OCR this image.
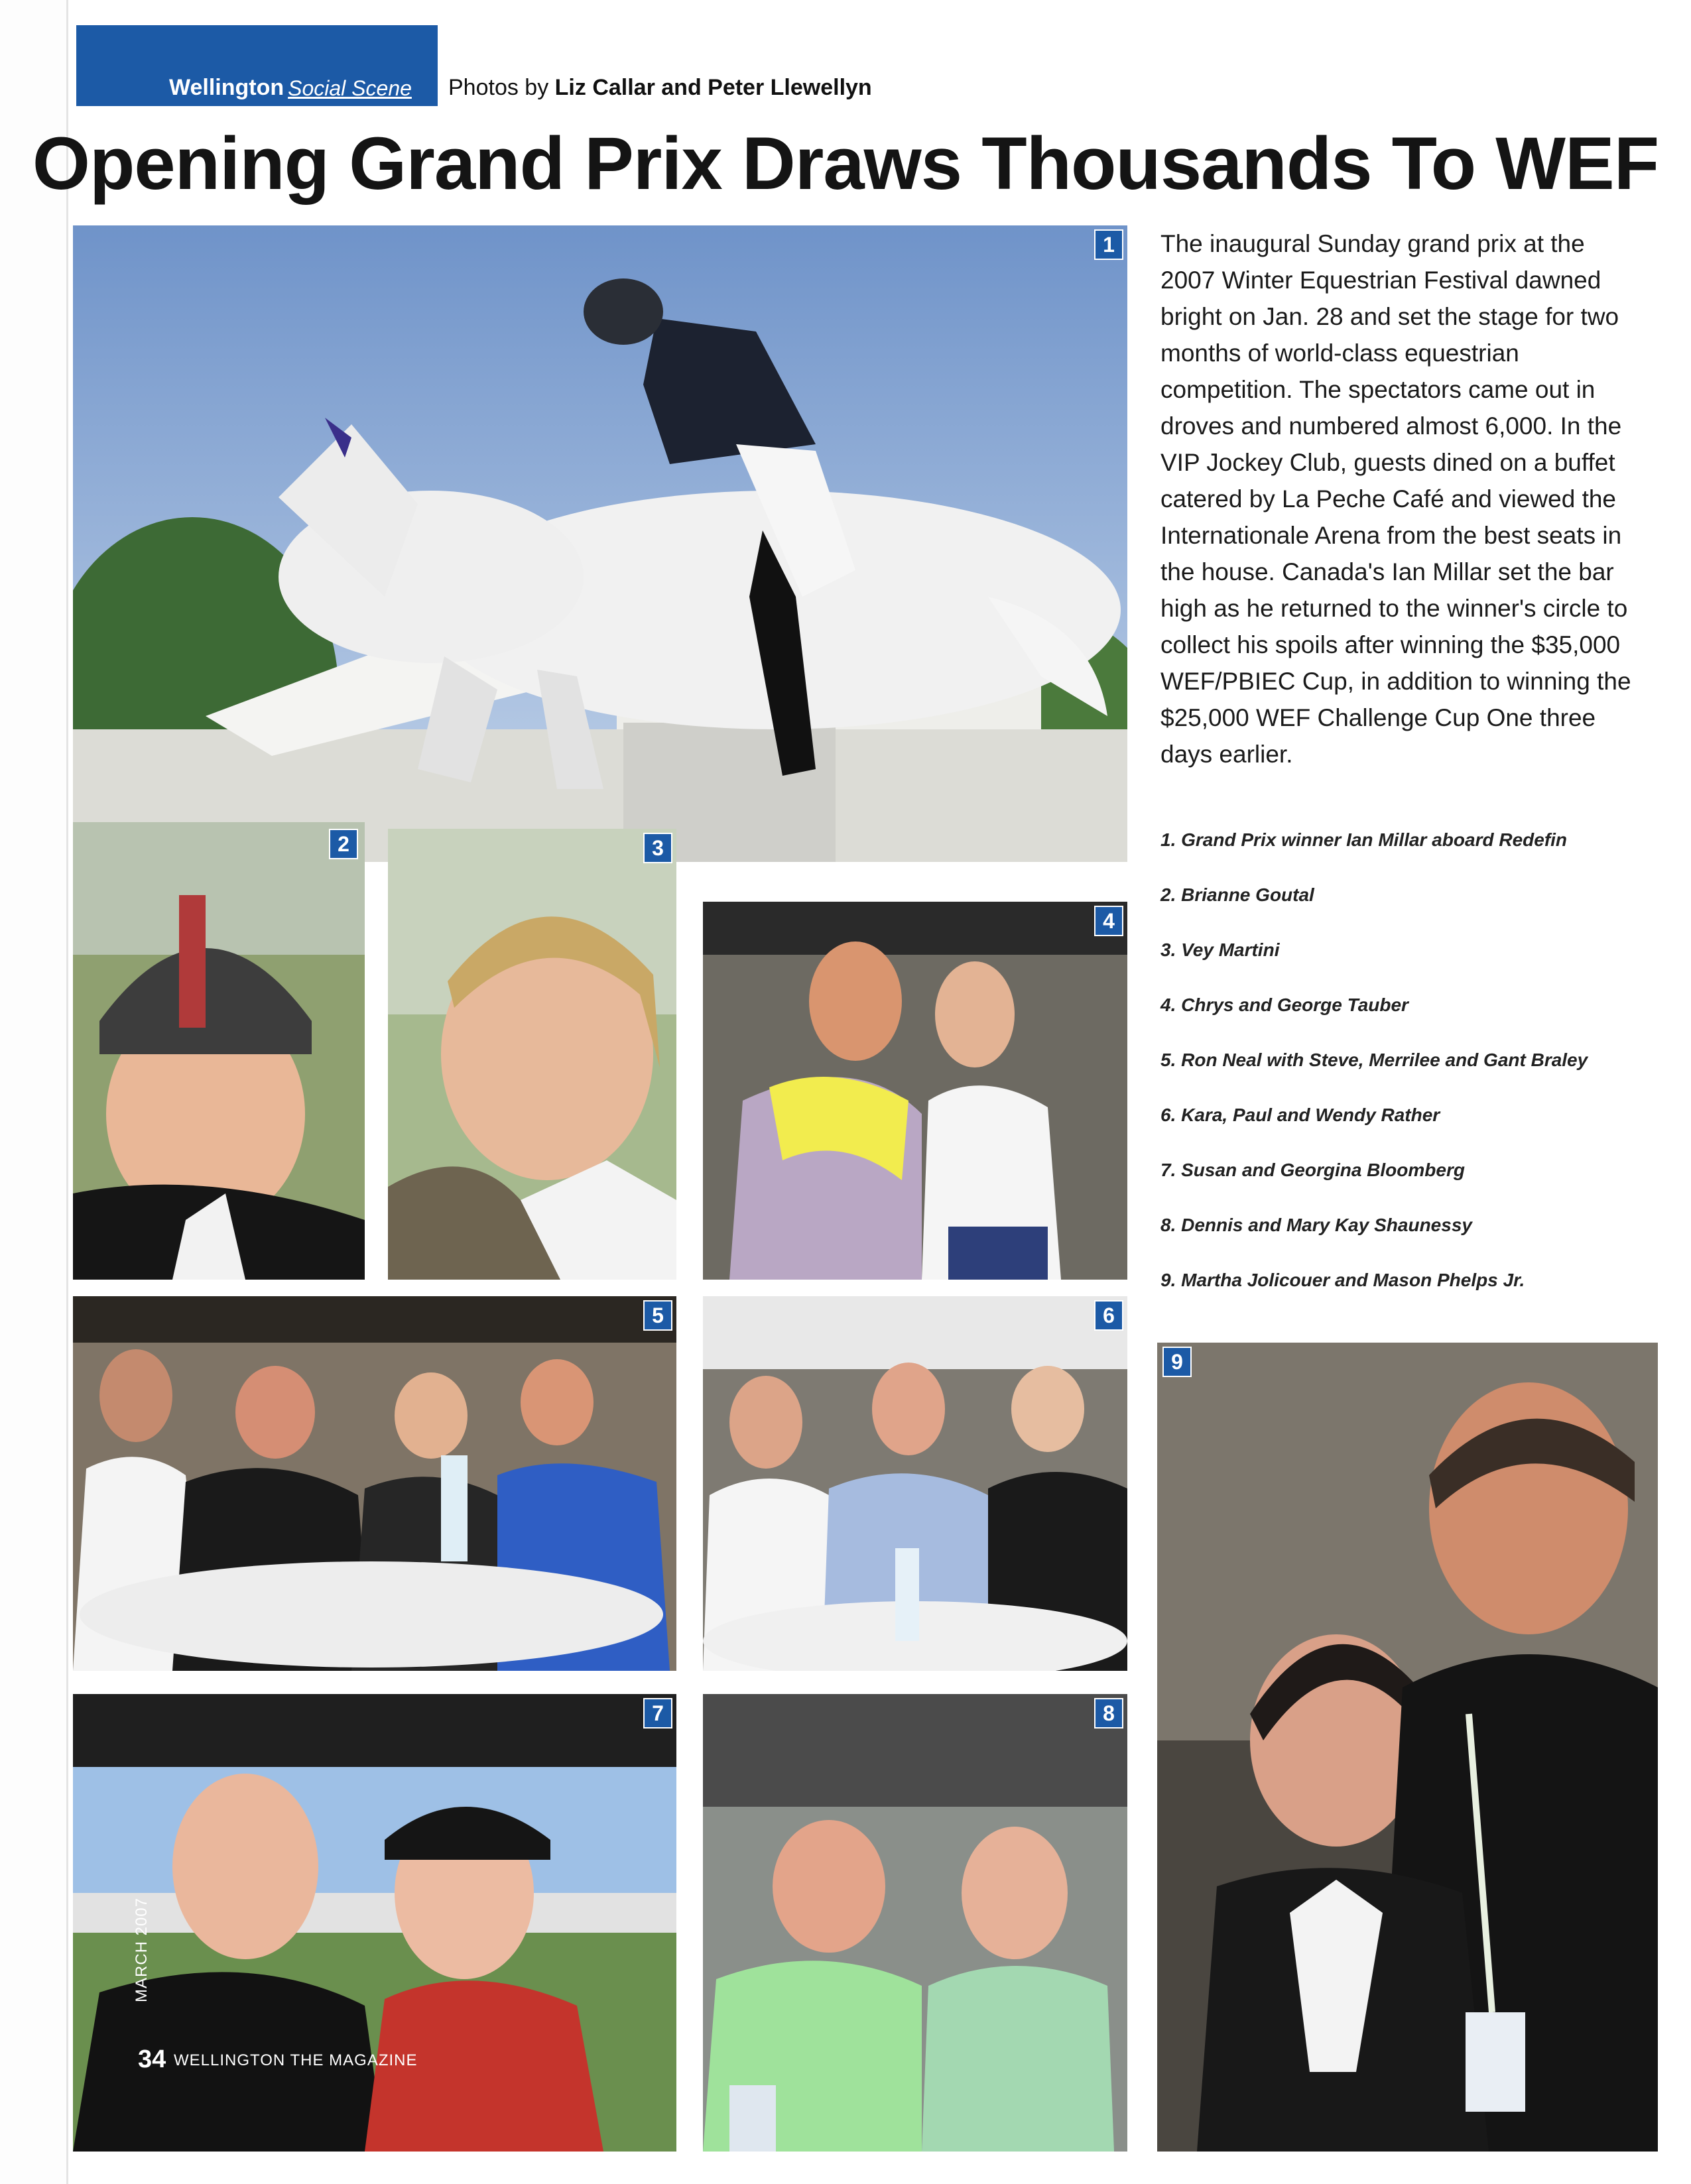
Wellington Social Scene Photos by Liz Callar and Peter Llewellyn
Opening Grand Prix Draws Thousands To WEF
1
2	3
4
5	6
7	8
9

The inaugural Sunday grand prix at the 2007 Winter Equestrian Festival dawned bright on Jan. 28 and set the stage for two months of world-class equestrian competition. The spectators came out in droves and numbered almost 6,000. In the VIP Jockey Club, guests dined on a buffet catered by La Peche Café and viewed the Internationale Arena from the best seats in the house. Canada's Ian Millar set the bar high as he returned to the winner's circle to collect his spoils after winning the $35,000 WEF/PBIEC Cup, in addition to winning the $25,000 WEF Challenge Cup One three days earlier.

1. Grand Prix winner Ian Millar aboard Redefin
2. Brianne Goutal
3. Vey Martini
4. Chrys and George Tauber
5. Ron Neal with Steve, Merrilee and Gant Braley
6. Kara, Paul and Wendy Rather
7. Susan and Georgina Bloomberg
8. Dennis and Mary Kay Shaunessy
9. Martha Jolicouer and Mason Phelps Jr.
MARCH 2007
34 WELLINGTON THE MAGAZINE
